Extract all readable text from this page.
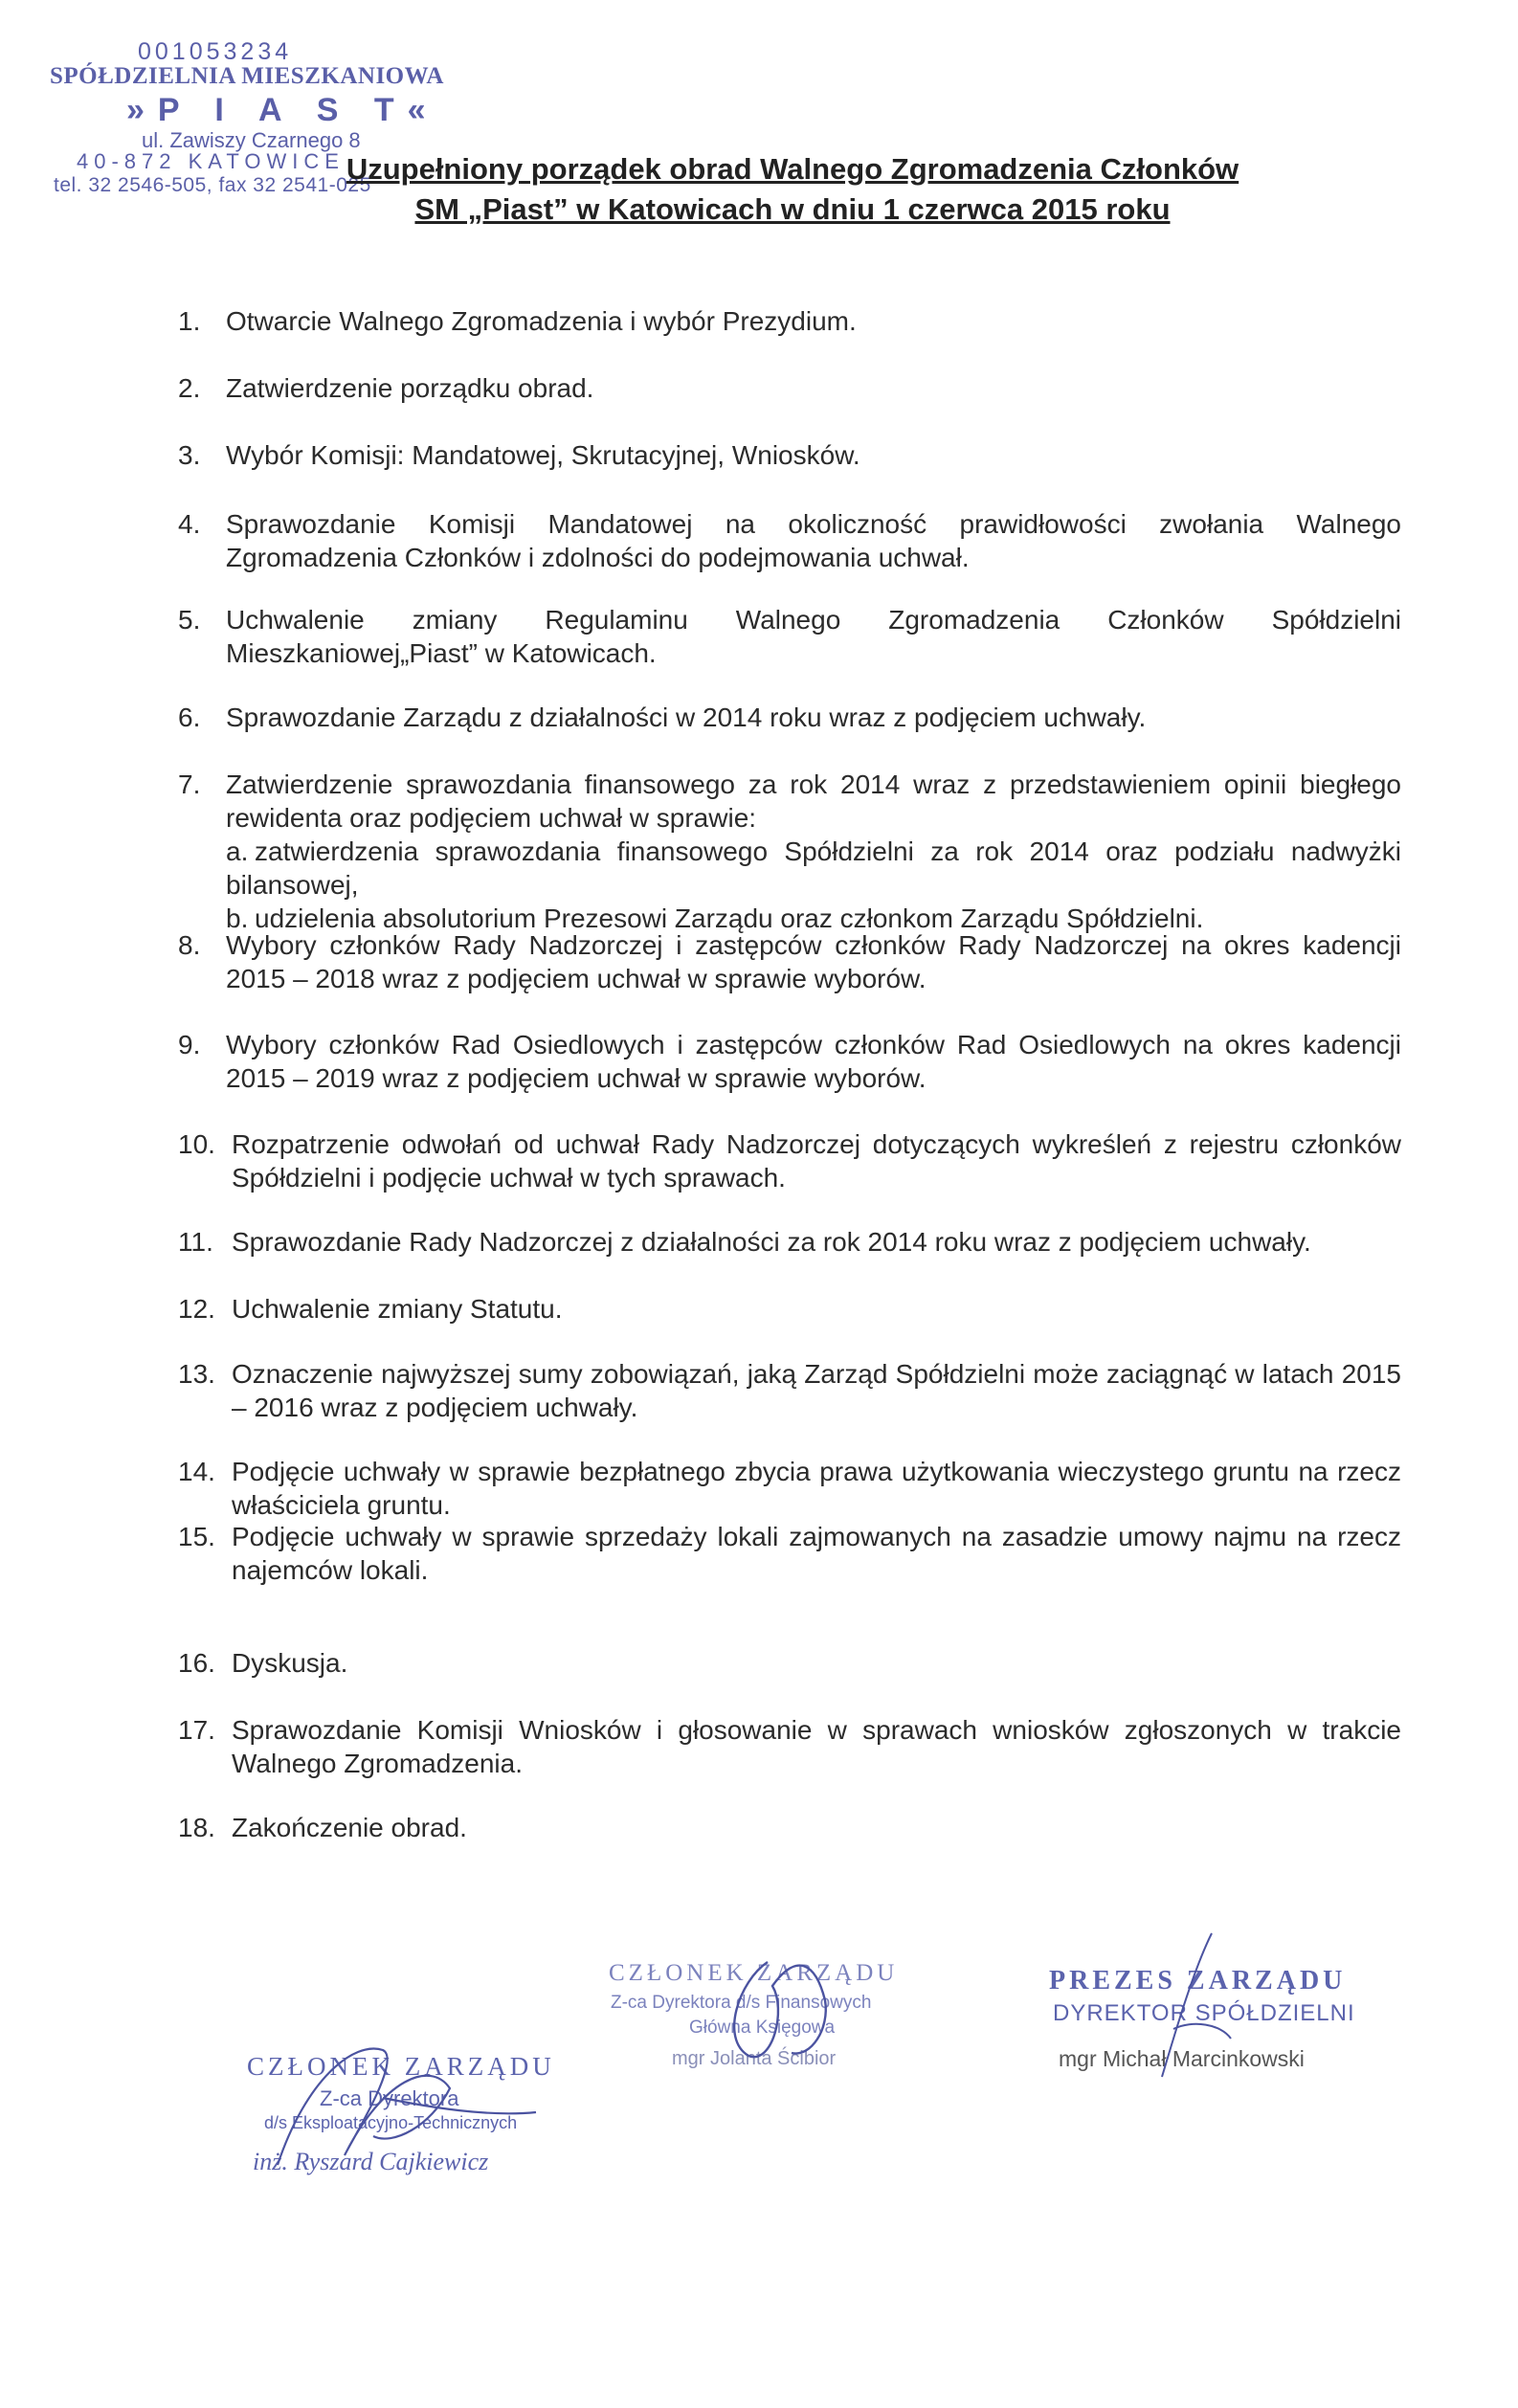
001053234
SPÓŁDZIELNIA MIESZKANIOWA
»P I A S T«
ul. Zawiszy Czarnego 8
40-872 KATOWICE
tel. 32 2546-505, fax 32 2541-025
Uzupełniony porządek obrad Walnego Zgromadzenia Członków
SM „Piast” w Katowicach w dniu 1 czerwca 2015 roku
1. Otwarcie Walnego Zgromadzenia i wybór Prezydium.
2. Zatwierdzenie porządku obrad.
3. Wybór Komisji: Mandatowej, Skrutacyjnej, Wniosków.
4. Sprawozdanie Komisji Mandatowej na okoliczność prawidłowości zwołania Walnego Zgromadzenia Członków i zdolności do podejmowania uchwał.
5. Uchwalenie zmiany Regulaminu Walnego Zgromadzenia Członków Spółdzielni Mieszkaniowej„Piast” w Katowicach.
6. Sprawozdanie Zarządu z działalności w 2014 roku wraz z podjęciem uchwały.
7. Zatwierdzenie sprawozdania finansowego za rok 2014 wraz z przedstawieniem opinii biegłego rewidenta oraz podjęciem uchwał w sprawie:
a. zatwierdzenia sprawozdania finansowego Spółdzielni za rok 2014 oraz podziału nadwyżki bilansowej,
b. udzielenia absolutorium Prezesowi Zarządu oraz członkom Zarządu Spółdzielni.
8. Wybory członków Rady Nadzorczej i zastępców członków Rady Nadzorczej na okres kadencji 2015 – 2018 wraz z podjęciem uchwał w sprawie wyborów.
9. Wybory członków Rad Osiedlowych i zastępców członków Rad Osiedlowych na okres kadencji 2015 – 2019 wraz z podjęciem uchwał w sprawie wyborów.
10. Rozpatrzenie odwołań od uchwał Rady Nadzorczej dotyczących wykreśleń z rejestru członków Spółdzielni i podjęcie uchwał w tych sprawach.
11. Sprawozdanie Rady Nadzorczej z działalności za rok 2014 roku wraz z podjęciem uchwały.
12. Uchwalenie zmiany Statutu.
13. Oznaczenie najwyższej sumy zobowiązań, jaką Zarząd Spółdzielni może zaciągnąć w latach 2015 – 2016 wraz z podjęciem uchwały.
14. Podjęcie uchwały w sprawie bezpłatnego zbycia prawa użytkowania wieczystego gruntu na rzecz właściciela gruntu.
15. Podjęcie uchwały w sprawie sprzedaży lokali zajmowanych na zasadzie umowy najmu na rzecz najemców lokali.
16. Dyskusja.
17. Sprawozdanie Komisji Wniosków i głosowanie w sprawach wniosków zgłoszonych w trakcie Walnego Zgromadzenia.
18. Zakończenie obrad.
CZŁONEK ZARZĄDU
Z-ca Dyrektora
d/s Eksploatacyjno-Technicznych
inż. Ryszard Cajkiewicz
CZŁONEK ZARZĄDU
Z-ca Dyrektora d/s Finansowych
Główna Księgowa
mgr Jolanta Ścibior
PREZES ZARZĄDU
DYREKTOR SPÓŁDZIELNI
mgr Michał Marcinkowski
